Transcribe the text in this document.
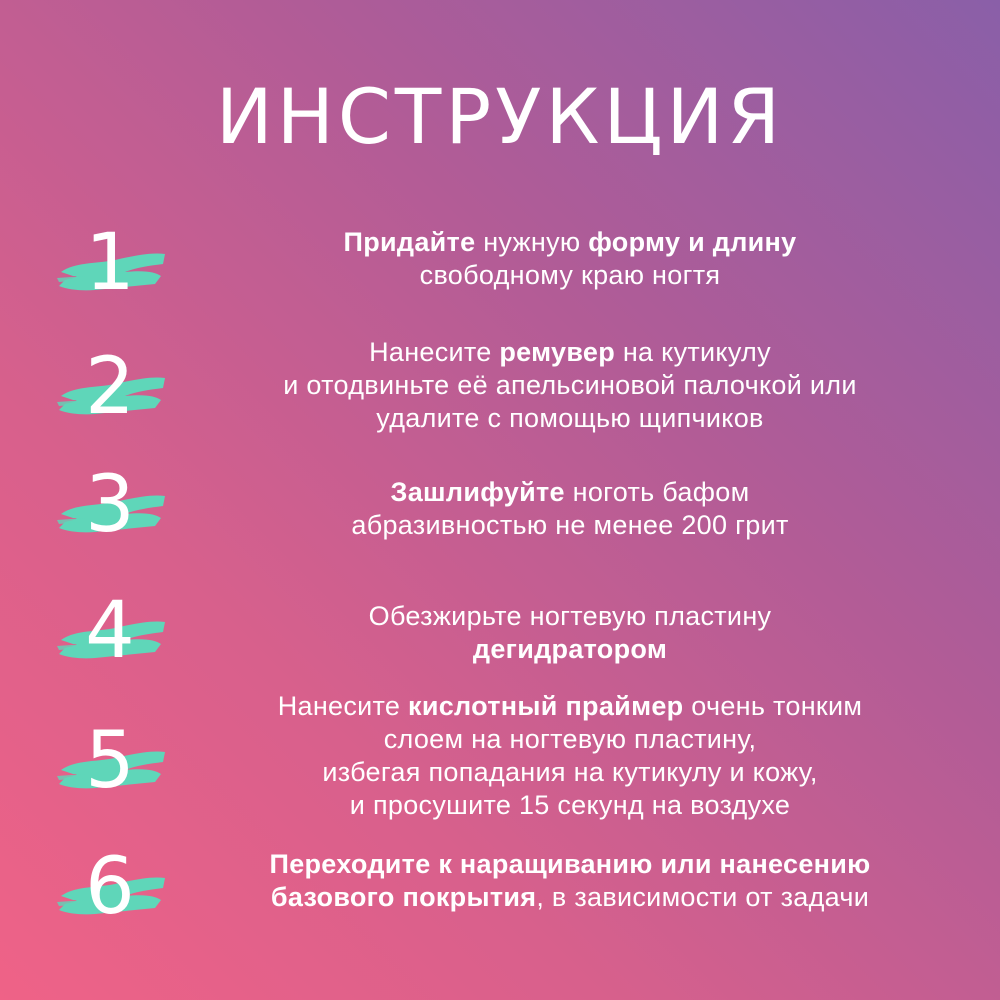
ИНСТРУКЦИЯ
1	Придайте нужную форму и длину
свободному краю ногтя
2	Нанесите ремувер на кутикулу
и отодвиньте её апельсиновой палочкой или
удалите с помощью щипчиков
3	Зашлифуйте ноготь бафом
абразивностью не менее 200 грит
4	Обезжирьте ногтевую пластину
дегидратором
5
Нанесите кислотный праймер очень тонким
слоем на ногтевую пластину,
избегая попадания на кутикулу и кожу,
и просушите 15 секунд на воздухе
6	Переходите к наращиванию или нанесению
базового покрытия, в зависимости от задачи
